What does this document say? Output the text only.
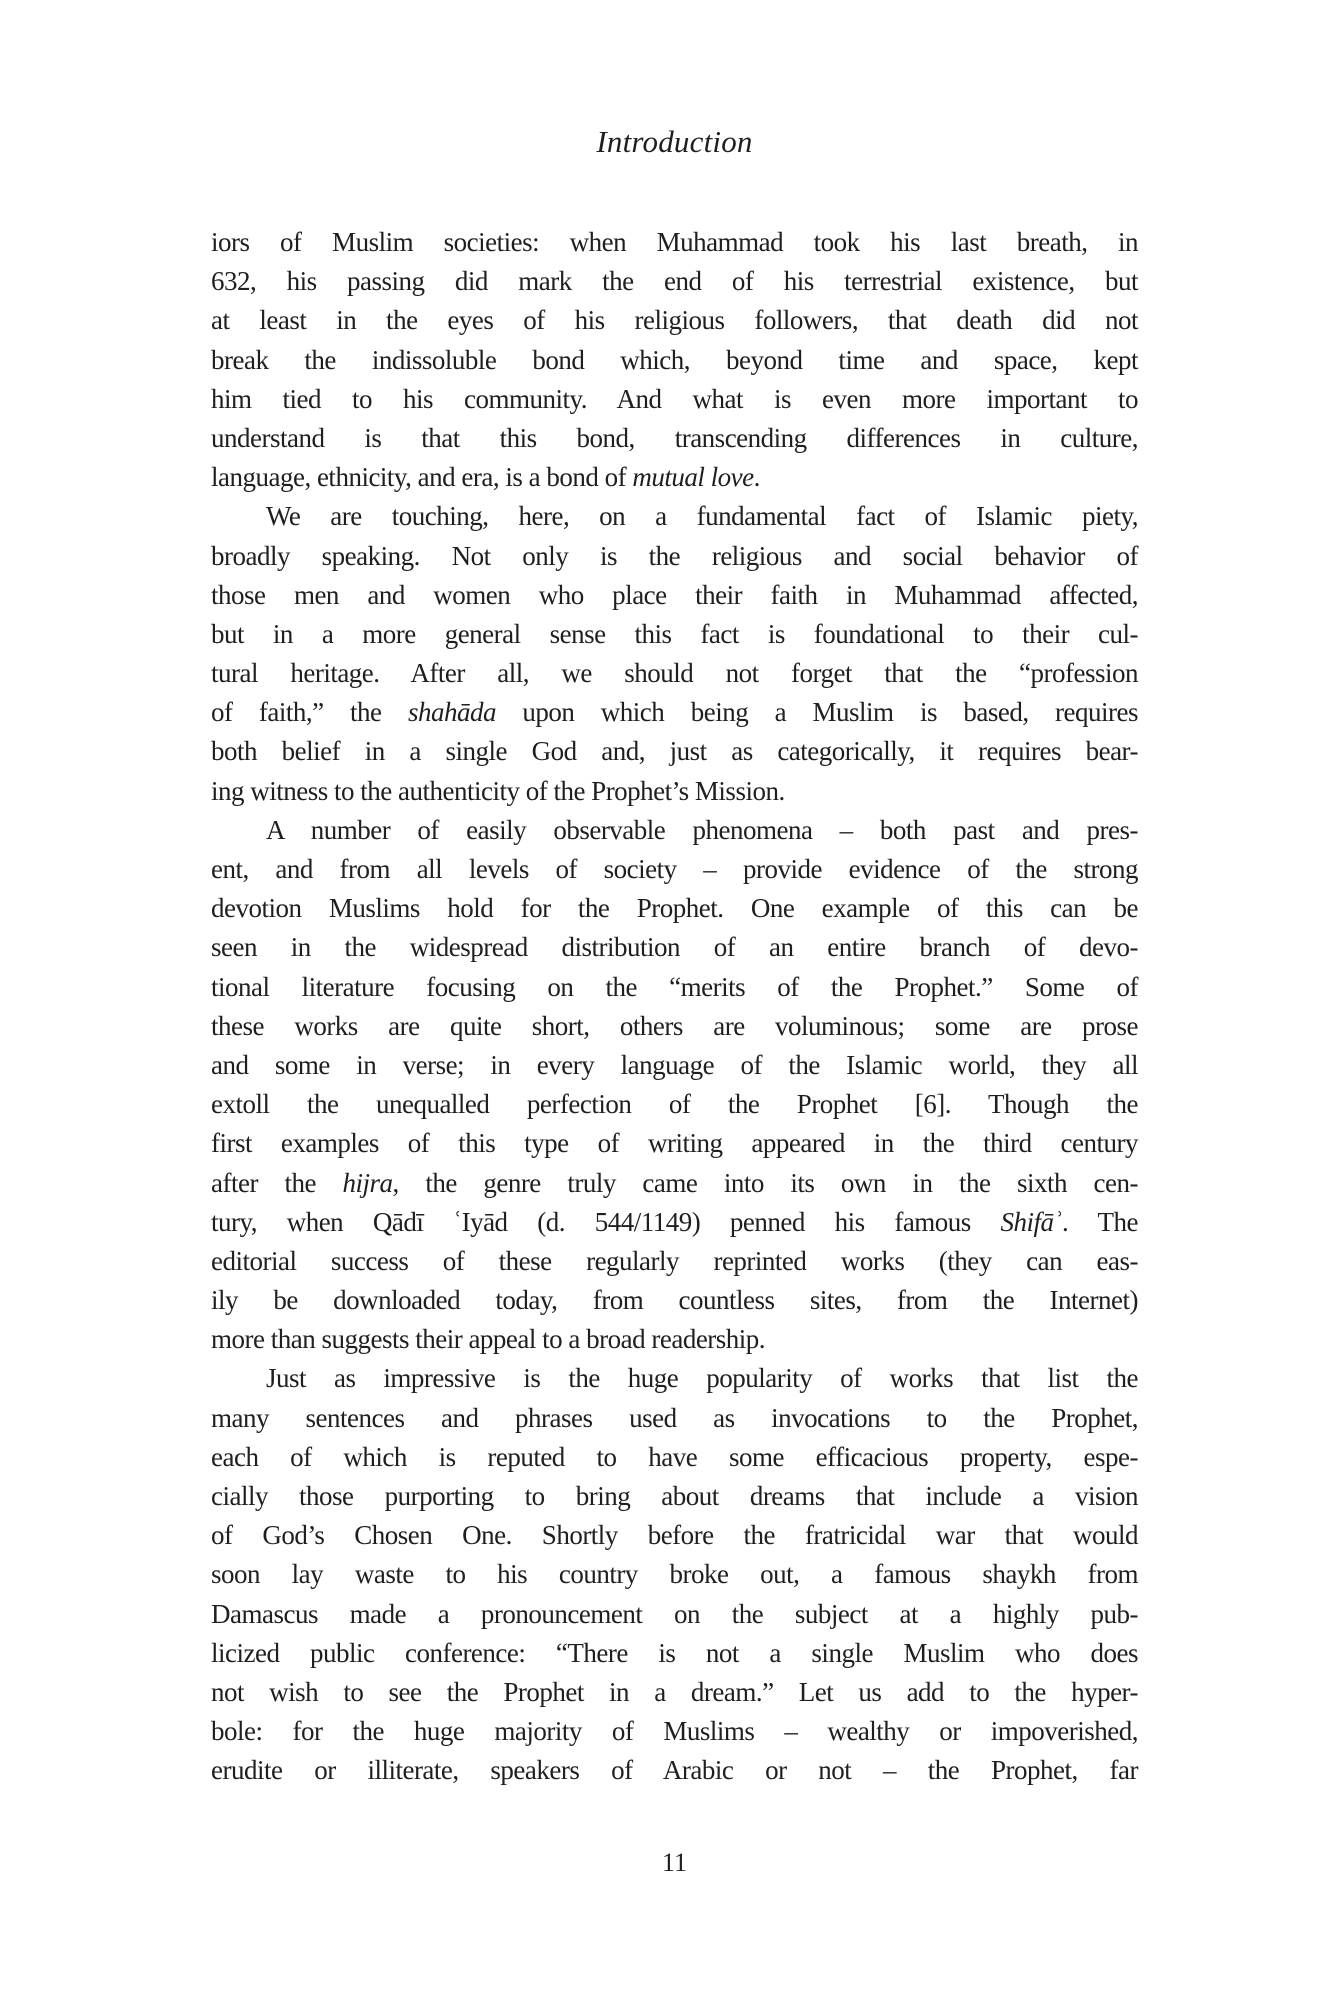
Introduction
iors of Muslim societies: when Muhammad took his last breath, in
632, his passing did mark the end of his terrestrial existence, but
at least in the eyes of his religious followers, that death did not
break the indissoluble bond which, beyond time and space, kept
him tied to his community. And what is even more important to
understand is that this bond, transcending differences in culture,
language, ethnicity, and era, is a bond of mutual love.
We are touching, here, on a fundamental fact of Islamic piety,
broadly speaking. Not only is the religious and social behavior of
those men and women who place their faith in Muhammad affected,
but in a more general sense this fact is foundational to their cul-
tural heritage. After all, we should not forget that the “profession
of faith,” the shahāda upon which being a Muslim is based, requires
both belief in a single God and, just as categorically, it requires bear-
ing witness to the authenticity of the Prophet’s Mission.
A number of easily observable phenomena – both past and pres-
ent, and from all levels of society – provide evidence of the strong
devotion Muslims hold for the Prophet. One example of this can be
seen in the widespread distribution of an entire branch of devo-
tional literature focusing on the “merits of the Prophet.” Some of
these works are quite short, others are voluminous; some are prose
and some in verse; in every language of the Islamic world, they all
extoll the unequalled perfection of the Prophet [6]. Though the
first examples of this type of writing appeared in the third century
after the hijra, the genre truly came into its own in the sixth cen-
tury, when Qādī ʿIyād (d. 544/1149) penned his famous Shifāʾ. The
editorial success of these regularly reprinted works (they can eas-
ily be downloaded today, from countless sites, from the Internet)
more than suggests their appeal to a broad readership.
Just as impressive is the huge popularity of works that list the
many sentences and phrases used as invocations to the Prophet,
each of which is reputed to have some efficacious property, espe-
cially those purporting to bring about dreams that include a vision
of God’s Chosen One. Shortly before the fratricidal war that would
soon lay waste to his country broke out, a famous shaykh from
Damascus made a pronouncement on the subject at a highly pub-
licized public conference: “There is not a single Muslim who does
not wish to see the Prophet in a dream.” Let us add to the hyper-
bole: for the huge majority of Muslims – wealthy or impoverished,
erudite or illiterate, speakers of Arabic or not – the Prophet, far
11
